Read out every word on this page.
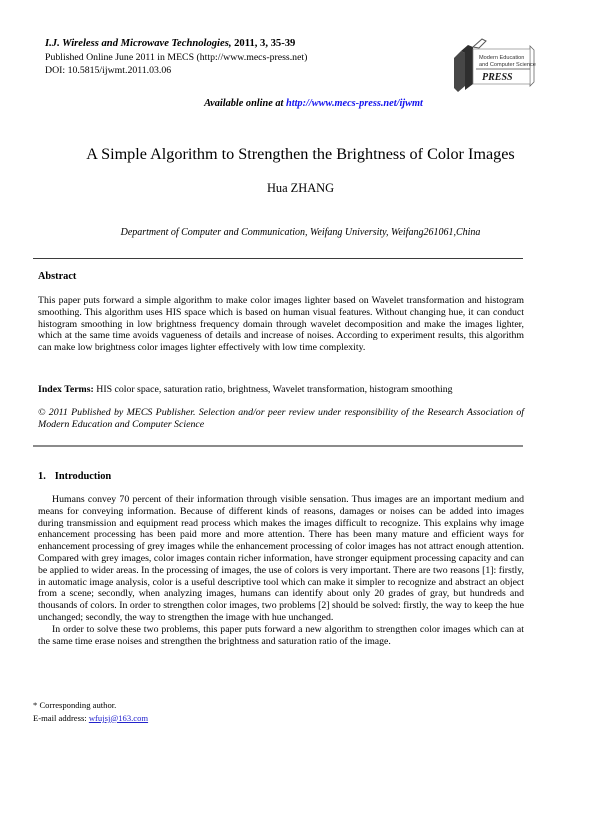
I.J. Wireless and Microwave Technologies, 2011, 3, 35-39
Published Online June 2011 in MECS (http://www.mecs-press.net)
DOI: 10.5815/ijwmt.2011.03.06
Modern Education
and Computer Science
PRESS
Available online at http://www.mecs-press.net/ijwmt
A Simple Algorithm to Strengthen the Brightness of Color Images
Hua ZHANG
Department of Computer and Communication, Weifang University, Weifang261061,China
Abstract
This paper puts forward a simple algorithm to make color images lighter based on Wavelet transformation and histogram smoothing. This algorithm uses HIS space which is based on human visual features. Without changing hue, it can conduct histogram smoothing in low brightness frequency domain through wavelet decomposition and make the images lighter, which at the same time avoids vagueness of details and increase of noises. According to experiment results, this algorithm can make low brightness color images lighter effectively with low time complexity.
Index Terms: HIS color space, saturation ratio, brightness, Wavelet transformation, histogram smoothing
© 2011 Published by MECS Publisher. Selection and/or peer review under responsibility of the Research Association of Modern Education and Computer Science
1. Introduction

Humans convey 70 percent of their information through visible sensation. Thus images are an important medium and means for conveying information. Because of different kinds of reasons, damages or noises can be added into images during transmission and equipment read process which makes the images difficult to recognize. This explains why image enhancement processing has been paid more and more attention. There has been many mature and efficient ways for enhancement processing of grey images while the enhancement processing of color images has not attract enough attention. Compared with grey images, color images contain richer information, have stronger equipment processing capacity and can be applied to wider areas. In the processing of images, the use of colors is very important. There are two reasons [1]: firstly, in automatic image analysis, color is a useful descriptive tool which can make it simpler to recognize and abstract an object from a scene; secondly, when analyzing images, humans can identify about only 20 grades of gray, but hundreds and thousands of colors. In order to strengthen color images, two problems [2] should be solved: firstly, the way to keep the hue unchanged; secondly, the way to strengthen the image with hue unchanged.

In order to solve these two problems, this paper puts forward a new algorithm to strengthen color images which can at the same time erase noises and strengthen the brightness and saturation ratio of the image.

* Corresponding author.
E-mail address: wfujsj@163.com
